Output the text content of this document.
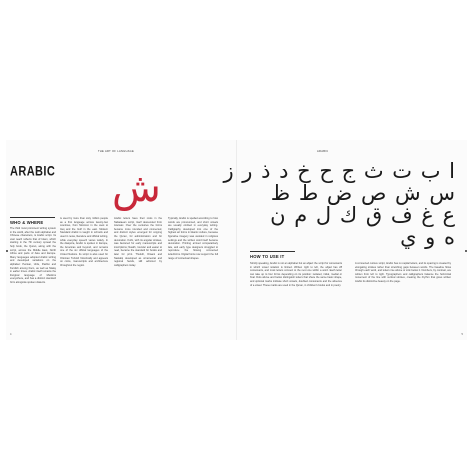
THE ART OF LANGUAGE	ARABIC
ARABIC ش
WHO & WHERE
The third most prominent writing system in the world, after the Latin alphabet and Chinese characters, is Arabic script. Its vast reach reflects that of Islam, which starting in the 7th century spread the holy book, the Quran, along with the script, across the Middle East, North Africa and parts of Asia and Europe. Many languages adopted Arabic writing and developed variations on the alphabet: Persian, Urdu, Pashto and Kurdish among them, as well as Malay in earlier times. Arabic itself remains the liturgical language of Muslims everywhere, and has a distinct standard form alongside spoken dialects.
is used by more than sixty million people as a first language across twenty-two countries, from Morocco in the west to Iraq and the Gulf in the east. Modern Standard Arabic is taught in schools and used in news, literature and official writing, while everyday speech varies widely. In the diaspora, Arabic is spoken in Europe, the Americas and beyond, and remains one of the six official languages of the United Nations. Its script is also used for Ottoman Turkish historically and appears on coins, manuscripts and architecture throughout the region.
Arabic letters have their roots in the Nabataean script, itself descended from Aramaic. Over the centuries the forms became more rounded and connected, and distinct styles emerged for copying the Quran, for administration and for decoration. Kufic, with its angular strokes, was favoured for early manuscripts and inscriptions; Naskh, rounder and easier to read, became the standard for books and later for print. Thuluth, Diwani and Nastaliq developed as ornamental and regional hands, still admired by calligraphers today.
Typically, Arabic is spelled according to how words are pronounced, and short vowels are usually omitted in everyday writing. Calligraphy developed into one of the highest art forms in Islamic culture, because figurative imagery was avoided in religious settings and the written word itself became decoration. Printing arrived comparatively late, and early type designers struggled to reproduce the flowing connected letterforms. Digital fonts now support the full range of contextual shapes.
ا ب ت ث ج ح خ د ذ ر ز
س ش ص ض ط ظ
ع غ ف ق ك ل م ن
ه و ي
HOW TO USE IT
Strictly speaking, Arabic is not an alphabet but an abjad: the script for consonants in which vowel notation is limited. Written right to left, the abjad has 28 consonants, and most letters connect to the next one within a word. Each letter can take up to four forms depending on its position: isolated, initial, medial or final. Dots above and below distinguish letters that share the same basic shape, and optional marks indicate short vowels, doubled consonants and the absence of a vowel. These marks are used in the Quran, in children's books and in poetry.
A connected cursive script, Arabic has no capital letters, and its spacing is created by elongating strokes rather than stretching gaps between words. The baseline flows through each word, and letters rise above or sink below it. Numbers, by contrast, are written from left to right. Typographers and calligraphers balance the horizontal movement of the line with vertical strokes, creating the rhythm that gives written Arabic its distinctive beauty on the page.
4	5
